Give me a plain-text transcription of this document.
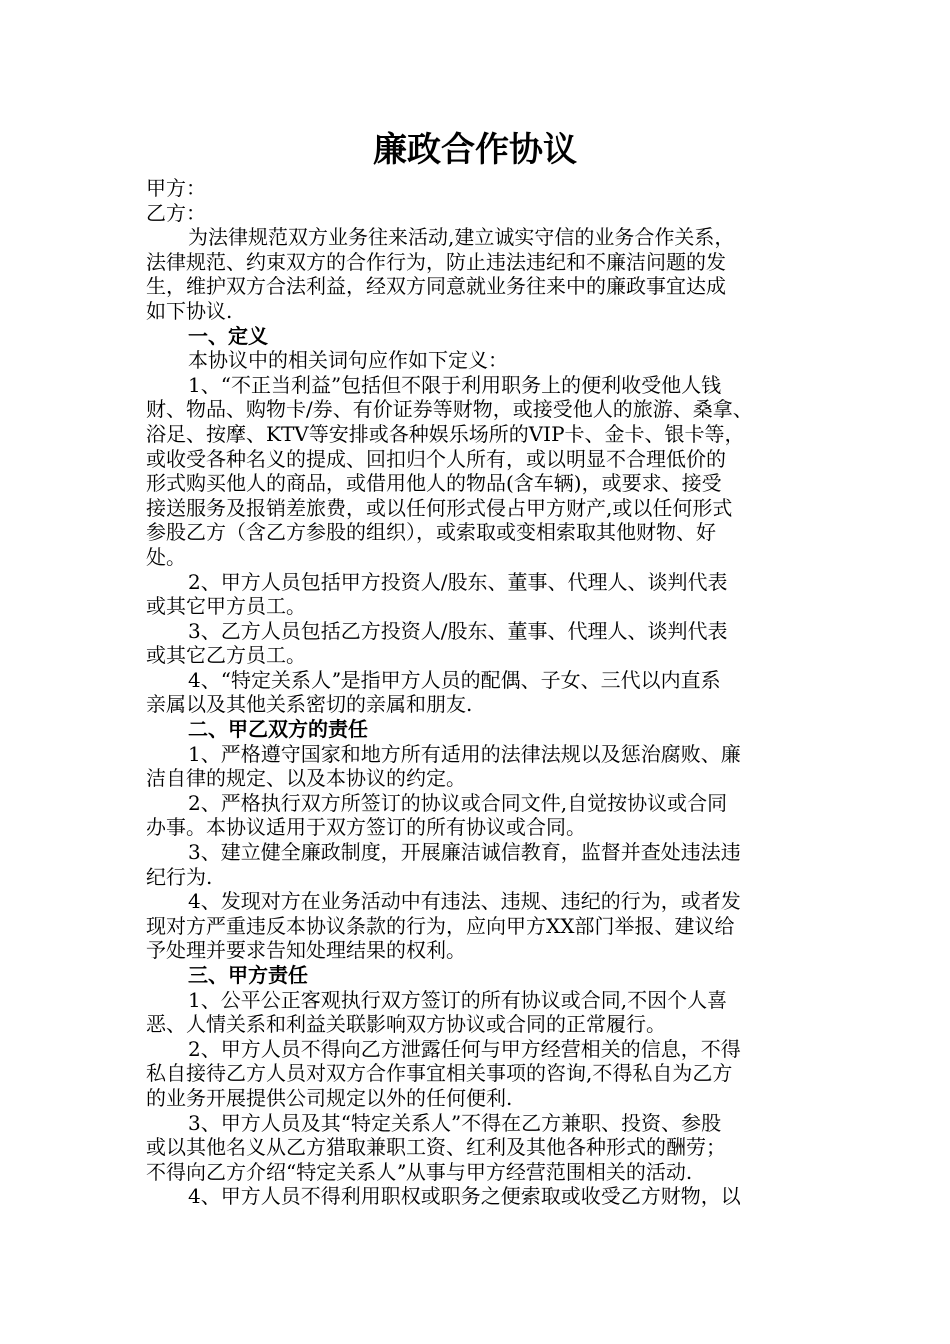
廉政合作协议
甲方：
乙方：
为法律规范双方业务往来活动,建立诚实守信的业务合作关系，
法律规范、约束双方的合作行为，防止违法违纪和不廉洁问题的发
生，维护双方合法利益，经双方同意就业务往来中的廉政事宜达成
如下协议.
一、定义
本协议中的相关词句应作如下定义：
1、“不正当利益”包括但不限于利用职务上的便利收受他人钱
财、物品、购物卡/券、有价证券等财物，或接受他人的旅游、桑拿、
浴足、按摩、KTV等安排或各种娱乐场所的VIP卡、金卡、银卡等，
或收受各种名义的提成、回扣归个人所有，或以明显不合理低价的
形式购买他人的商品，或借用他人的物品(含车辆)，或要求、接受
接送服务及报销差旅费，或以任何形式侵占甲方财产,或以任何形式
参股乙方（含乙方参股的组织），或索取或变相索取其他财物、好
处。
2、甲方人员包括甲方投资人/股东、董事、代理人、谈判代表
或其它甲方员工。
3、乙方人员包括乙方投资人/股东、董事、代理人、谈判代表
或其它乙方员工。
4、“特定关系人ˮ是指甲方人员的配偶、子女、三代以内直系
亲属以及其他关系密切的亲属和朋友.
二、甲乙双方的责任
1、严格遵守国家和地方所有适用的法律法规以及惩治腐败、廉
洁自律的规定、以及本协议的约定。
2、严格执行双方所签订的协议或合同文件,自觉按协议或合同
办事。本协议适用于双方签订的所有协议或合同。
3、建立健全廉政制度，开展廉洁诚信教育，监督并查处违法违
纪行为.
4、发现对方在业务活动中有违法、违规、违纪的行为，或者发
现对方严重违反本协议条款的行为，应向甲方XX部门举报、建议给
予处理并要求告知处理结果的权利。
三、甲方责任
1、公平公正客观执行双方签订的所有协议或合同,不因个人喜
恶、人情关系和利益关联影响双方协议或合同的正常履行。
2、甲方人员不得向乙方泄露任何与甲方经营相关的信息，不得
私自接待乙方人员对双方合作事宜相关事项的咨询,不得私自为乙方
的业务开展提供公司规定以外的任何便利.
3、甲方人员及其“特定关系人”不得在乙方兼职、投资、参股
或以其他名义从乙方猎取兼职工资、红利及其他各种形式的酬劳；
不得向乙方介绍“特定关系人ˮ从事与甲方经营范围相关的活动.
4、甲方人员不得利用职权或职务之便索取或收受乙方财物，以
